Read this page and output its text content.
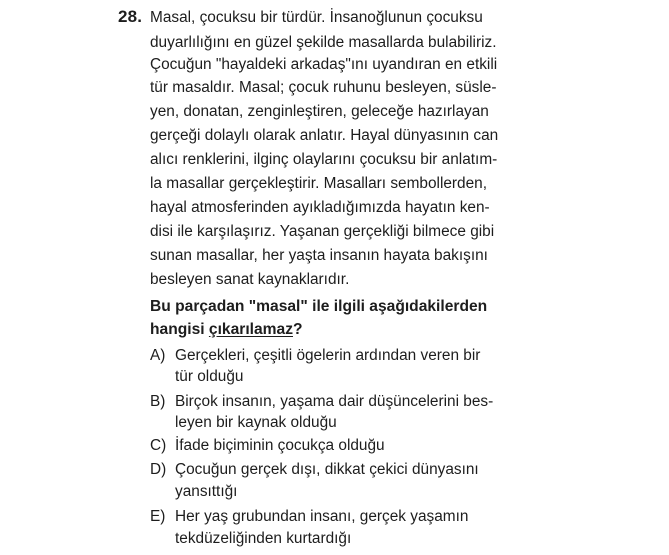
28. Masal, çocuksu bir türdür. İnsanoğlunun çocuksu
duyarlılığını en güzel şekilde masallarda bulabiliriz.
Çocuğun "hayaldeki arkadaş"ını uyandıran en etkili
tür masaldır. Masal; çocuk ruhunu besleyen, süsle-
yen, donatan, zenginleştiren, geleceğe hazırlayan
gerçeği dolaylı olarak anlatır. Hayal dünyasının can
alıcı renklerini, ilginç olaylarını çocuksu bir anlatım-
la masallar gerçekleştirir. Masalları sembollerden,
hayal atmosferinden ayıkladığımızda hayatın ken-
disi ile karşılaşırız. Yaşanan gerçekliği bilmece gibi
sunan masallar, her yaşta insanın hayata bakışını
besleyen sanat kaynaklarıdır.
Bu parçadan "masal" ile ilgili aşağıdakilerden
hangisi çıkarılamaz?
A) Gerçekleri, çeşitli ögelerin ardından veren bir
tür olduğu
B) Birçok insanın, yaşama dair düşüncelerini bes-
leyen bir kaynak olduğu
C) İfade biçiminin çocukça olduğu
D) Çocuğun gerçek dışı, dikkat çekici dünyasını
yansıttığı
E) Her yaş grubundan insanı, gerçek yaşamın
tekdüzeliğinden kurtardığı
